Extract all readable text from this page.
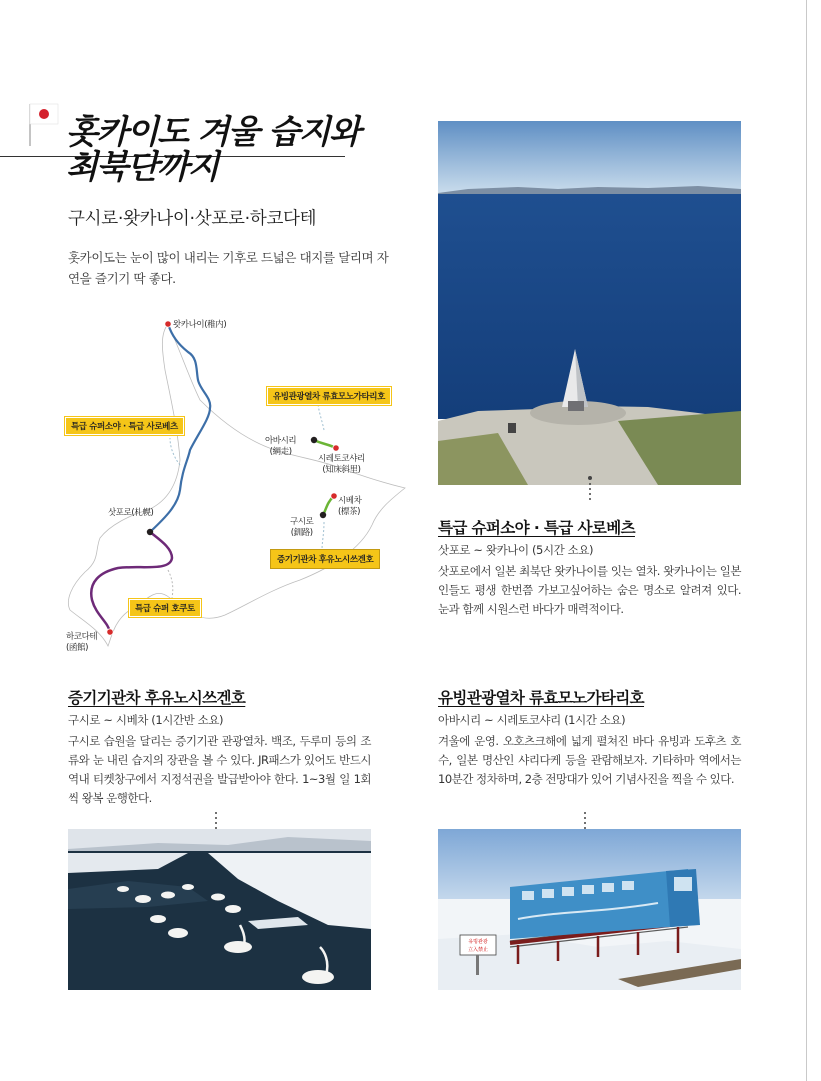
홋카이도 겨울 습지와
최북단까지
구시로·왓카나이·삿포로·하코다테
홋카이도는 눈이 많이 내리는 기후로 드넓은 대지를 달리며 자연을 즐기기 딱 좋다.
왓카나이(稚内)
아바시리
(網走)
시레토코샤리
(知床斜里)
시베차
(標茶)
구시로
(釧路)
삿포로(札幌)
하코다테
(函館)
특급 슈퍼소야 · 특급 사로베츠
유빙관광열차 류효모노가타리호
증기기관차 후유노시쓰겐호
특급 슈퍼 호쿠토
특급 슈퍼소야 · 특급 사로베츠
삿포로 ~ 왓카나이 (5시간 소요)
삿포로에서 일본 최북단 왓카나이를 잇는 열차. 왓카나이는 일본인들도 평생 한번쯤 가보고싶어하는 숨은 명소로 알려져 있다. 눈과 함께 시원스런 바다가 매력적이다.
증기기관차 후유노시쓰겐호
구시로 ~ 시베차 (1시간반 소요)
구시로 습원을 달리는 증기기관 관광열차. 백조, 두루미 등의 조류와 눈 내린 습지의 장관을 볼 수 있다. JR패스가 있어도 반드시 역내 티켓창구에서 지정석권을 발급받아야 한다. 1~3월 일 1회씩 왕복 운행한다.
유빙관광열차 류효모노가타리호
아바시리 ~ 시레토코샤리 (1시간 소요)
겨울에 운영. 오호츠크해에 넓게 펼쳐진 바다 유빙과 도후츠 호수, 일본 명산인 샤리다케 등을 관람해보자. 기타하마 역에서는 10분간 정차하며, 2층 전망대가 있어 기념사진을 찍을 수 있다.
유빙관광
立入禁止
